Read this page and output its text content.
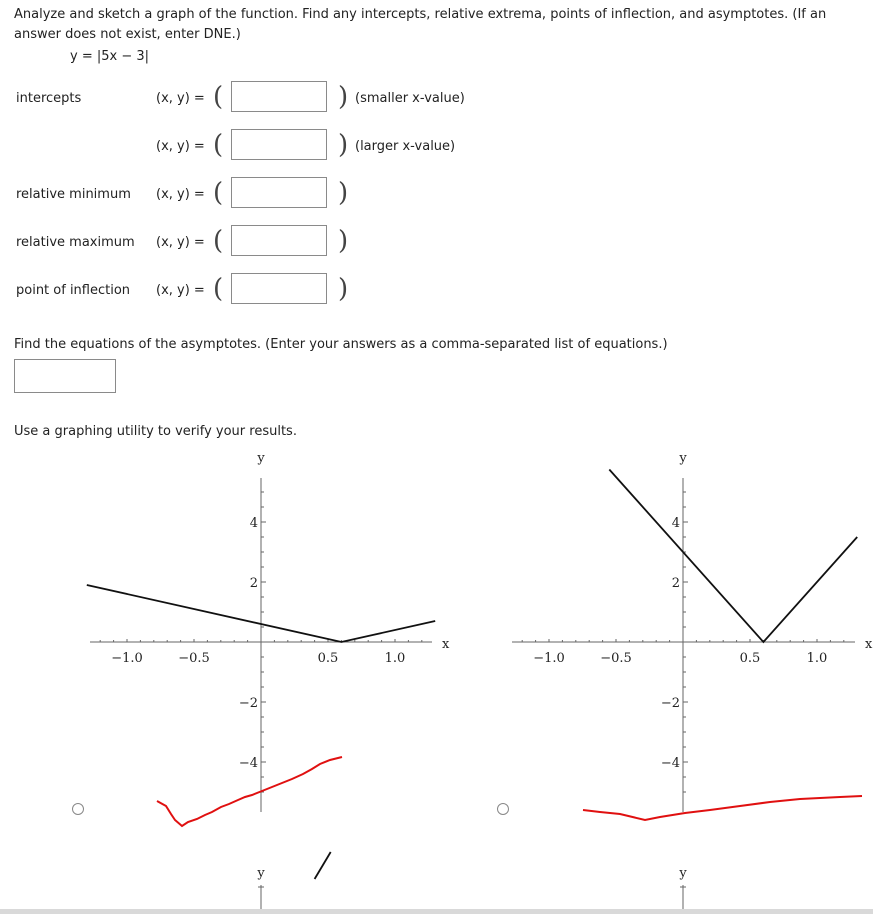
Analyze and sketch a graph of the function. Find any intercepts, relative extrema, points of inflection, and asymptotes. (If an answer does not exist, enter DNE.)
y = |5x − 3|
intercepts	(x, y) = (	) (smaller x-value)
(x, y) = (	) (larger x-value)
relative minimum (x, y) = (	)
relative maximum (x, y) = (	)
point of inflection (x, y) = (	)
Find the equations of the asymptotes. (Enter your answers as a comma-separated list of equations.)
Use a graphing utility to verify your results.
−1.0	−0.5	0.5	1.0
4
2
−2
−4
x
y
−1.0	−0.5	0.5	1.0
4
2
−2
−4
x
y
y	y
